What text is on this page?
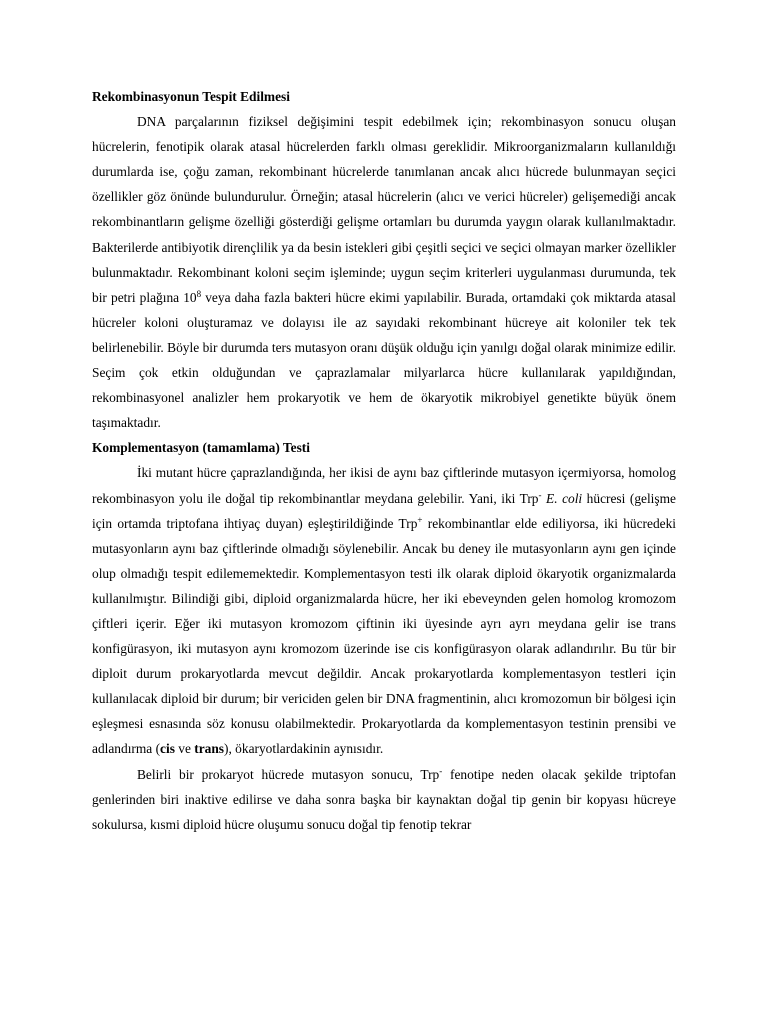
Rekombinasyonun Tespit Edilmesi

DNA parçalarının fiziksel değişimini tespit edebilmek için; rekombinasyon sonucu oluşan hücrelerin, fenotipik olarak atasal hücrelerden farklı olması gereklidir. Mikroorganizmaların kullanıldığı durumlarda ise, çoğu zaman, rekombinant hücrelerde tanımlanan ancak alıcı hücrede bulunmayan seçici özellikler göz önünde bulundurulur. Örneğin; atasal hücrelerin (alıcı ve verici hücreler) gelişemediği ancak rekombinantların gelişme özelliği gösterdiği gelişme ortamları bu durumda yaygın olarak kullanılmaktadır. Bakterilerde antibiyotik dirençlilik ya da besin istekleri gibi çeşitli seçici ve seçici olmayan marker özellikler bulunmaktadır. Rekombinant koloni seçim işleminde; uygun seçim kriterleri uygulanması durumunda, tek bir petri plağına $10^8$ veya daha fazla bakteri hücre ekimi yapılabilir. Burada, ortamdaki çok miktarda atasal hücreler koloni oluşturamaz ve dolayısı ile az sayıdaki rekombinant hücreye ait koloniler tek tek belirlenebilir. Böyle bir durumda ters mutasyon oranı düşük olduğu için yanılgı doğal olarak minimize edilir. Seçim çok etkin olduğundan ve çaprazlamalar milyarlarca hücre kullanılarak yapıldığından, rekombinasyonel analizler hem prokaryotik ve hem de ökaryotik mikrobiyel genetikte büyük önem taşımaktadır.

Komplementasyon (tamamlama) Testi

İki mutant hücre çaprazlandığında, her ikisi de aynı baz çiftlerinde mutasyon içermiyorsa, homolog rekombinasyon yolu ile doğal tip rekombinantlar meydana gelebilir. Yani, iki Trp- E. coli hücresi (gelişme için ortamda triptofana ihtiyaç duyan) eşleştirildiğinde Trp+ rekombinantlar elde ediliyorsa, iki hücredeki mutasyonların aynı baz çiftlerinde olmadığı söylenebilir. Ancak bu deney ile mutasyonların aynı gen içinde olup olmadığı tespit edilememektedir. Komplementasyon testi ilk olarak diploid ökaryotik organizmalarda kullanılmıştır. Bilindiği gibi, diploid organizmalarda hücre, her iki ebeveynden gelen homolog kromozom çiftleri içerir. Eğer iki mutasyon kromozom çiftinin iki üyesinde ayrı ayrı meydana gelir ise trans konfigürasyon, iki mutasyon aynı kromozom üzerinde ise cis konfigürasyon olarak adlandırılır. Bu tür bir diploit durum prokaryotlarda mevcut değildir. Ancak prokaryotlarda komplementasyon testleri için kullanılacak diploid bir durum; bir vericiden gelen bir DNA fragmentinin, alıcı kromozomun bir bölgesi için eşleşmesi esnasında söz konusu olabilmektedir. Prokaryotlarda da komplementasyon testinin prensibi ve adlandırma (cis ve trans), ökaryotlardakinin aynısıdır.

Belirli bir prokaryot hücrede mutasyon sonucu, Trp- fenotipe neden olacak şekilde triptofan genlerinden biri inaktive edilirse ve daha sonra başka bir kaynaktan doğal tip genin bir kopyası hücreye sokulursa, kısmi diploid hücre oluşumu sonucu doğal tip fenotip tekrar
